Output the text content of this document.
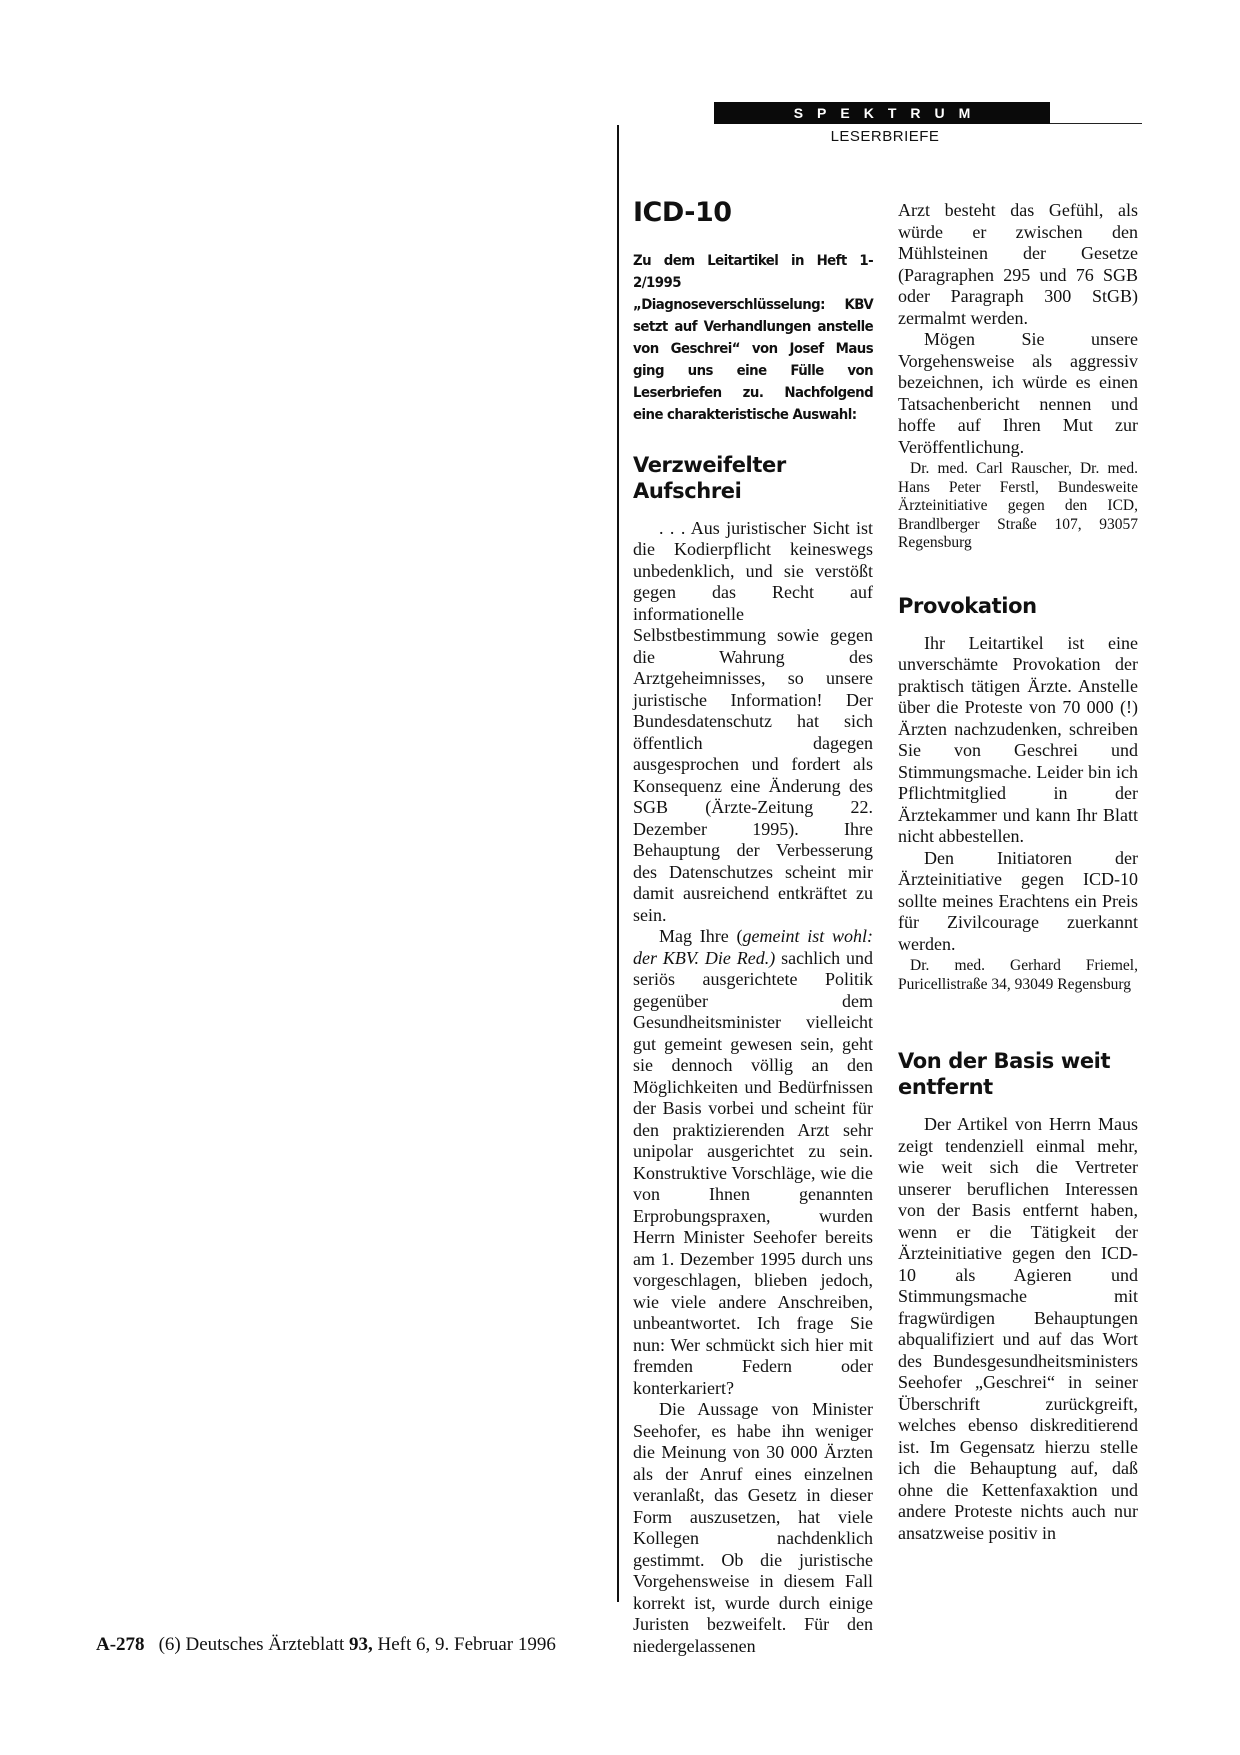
SPEKTRUM
LESERBRIEFE
ICD-10
Zu dem Leitartikel in Heft 1-2/1995 „Diagnoseverschlüsselung: KBV setzt auf Verhandlungen anstelle von Geschrei“ von Josef Maus ging uns eine Fülle von Leserbriefen zu. Nachfolgend eine charakteristische Auswahl:
Verzweifelter Aufschrei

. . . Aus juristischer Sicht ist die Kodierpflicht keineswegs unbedenklich, und sie verstößt gegen das Recht auf informationelle Selbstbestimmung sowie gegen die Wahrung des Arztgeheimnisses, so unsere juristische Information! Der Bundesdatenschutz hat sich öffentlich dagegen ausgesprochen und fordert als Konsequenz eine Änderung des SGB (Ärzte-Zeitung 22. Dezember 1995). Ihre Behauptung der Verbesserung des Datenschutzes scheint mir damit ausreichend entkräftet zu sein.

Mag Ihre (gemeint ist wohl: der KBV. Die Red.) sachlich und seriös ausgerichtete Politik gegenüber dem Gesundheitsminister vielleicht gut gemeint gewesen sein, geht sie dennoch völlig an den Möglichkeiten und Bedürfnissen der Basis vorbei und scheint für den praktizierenden Arzt sehr unipolar ausgerichtet zu sein. Konstruktive Vorschläge, wie die von Ihnen genannten Erprobungspraxen, wurden Herrn Minister Seehofer bereits am 1. Dezember 1995 durch uns vorgeschlagen, blieben jedoch, wie viele andere Anschreiben, unbeantwortet. Ich frage Sie nun: Wer schmückt sich hier mit fremden Federn oder konterkariert?

Die Aussage von Minister Seehofer, es habe ihn weniger die Meinung von 30 000 Ärzten als der Anruf eines einzelnen veranlaßt, das Gesetz in dieser Form auszusetzen, hat viele Kollegen nachdenklich gestimmt. Ob die juristische Vorgehensweise in diesem Fall korrekt ist, wurde durch einige Juristen bezweifelt. Für den niedergelassenen

Arzt besteht das Gefühl, als würde er zwischen den Mühlsteinen der Gesetze (Paragraphen 295 und 76 SGB oder Paragraph 300 StGB) zermalmt werden.

Mögen Sie unsere Vorgehensweise als aggressiv bezeichnen, ich würde es einen Tatsachenbericht nennen und hoffe auf Ihren Mut zur Veröffentlichung.

Dr. med. Carl Rauscher, Dr. med. Hans Peter Ferstl, Bundesweite Ärzteinitiative gegen den ICD, Brandlberger Straße 107, 93057 Regensburg

Provokation

Ihr Leitartikel ist eine unverschämte Provokation der praktisch tätigen Ärzte. Anstelle über die Proteste von 70 000 (!) Ärzten nachzudenken, schreiben Sie von Geschrei und Stimmungsmache. Leider bin ich Pflichtmitglied in der Ärztekammer und kann Ihr Blatt nicht abbestellen.

Den Initiatoren der Ärzteinitiative gegen ICD-10 sollte meines Erachtens ein Preis für Zivilcourage zuerkannt werden.

Dr. med. Gerhard Friemel, Puricellistraße 34, 93049 Regensburg

Von der Basis weit entfernt

Der Artikel von Herrn Maus zeigt tendenziell einmal mehr, wie weit sich die Vertreter unserer beruflichen Interessen von der Basis entfernt haben, wenn er die Tätigkeit der Ärzteinitiative gegen den ICD-10 als Agieren und Stimmungsmache mit fragwürdigen Behauptungen abqualifiziert und auf das Wort des Bundesgesundheitsministers Seehofer „Geschrei“ in seiner Überschrift zurückgreift, welches ebenso diskreditierend ist. Im Gegensatz hierzu stelle ich die Behauptung auf, daß ohne die Kettenfaxaktion und andere Proteste nichts auch nur ansatzweise positiv in

A-278 (6) Deutsches Ärzteblatt 93, Heft 6, 9. Februar 1996
